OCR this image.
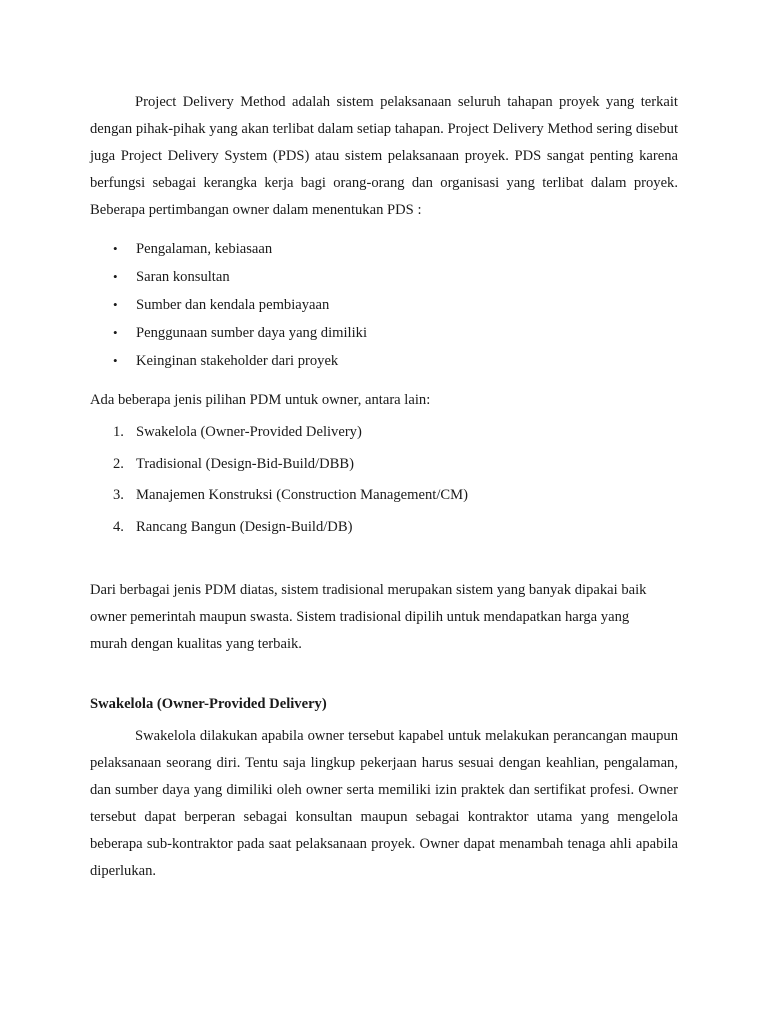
Project Delivery Method adalah sistem pelaksanaan seluruh tahapan proyek yang terkait dengan pihak-pihak yang akan terlibat dalam setiap tahapan. Project Delivery Method sering disebut juga Project Delivery System (PDS) atau sistem pelaksanaan proyek. PDS sangat penting karena berfungsi sebagai kerangka kerja bagi orang-orang dan organisasi yang terlibat dalam proyek. Beberapa pertimbangan owner dalam menentukan PDS :

• Pengalaman, kebiasaan
• Saran konsultan
• Sumber dan kendala pembiayaan
• Penggunaan sumber daya yang dimiliki
• Keinginan stakeholder dari proyek

Ada beberapa jenis pilihan PDM untuk owner, antara lain:

1. Swakelola (Owner-Provided Delivery)
2. Tradisional (Design-Bid-Build/DBB)
3. Manajemen Konstruksi (Construction Management/CM)
4. Rancang Bangun (Design-Build/DB)

Dari berbagai jenis PDM diatas, sistem tradisional merupakan sistem yang banyak dipakai baik owner pemerintah maupun swasta. Sistem tradisional dipilih untuk mendapatkan harga yang murah dengan kualitas yang terbaik.

Swakelola (Owner-Provided Delivery)

Swakelola dilakukan apabila owner tersebut kapabel untuk melakukan perancangan maupun pelaksanaan seorang diri. Tentu saja lingkup pekerjaan harus sesuai dengan keahlian, pengalaman, dan sumber daya yang dimiliki oleh owner serta memiliki izin praktek dan sertifikat profesi. Owner tersebut dapat berperan sebagai konsultan maupun sebagai kontraktor utama yang mengelola beberapa sub-kontraktor pada saat pelaksanaan proyek. Owner dapat menambah tenaga ahli apabila diperlukan.
